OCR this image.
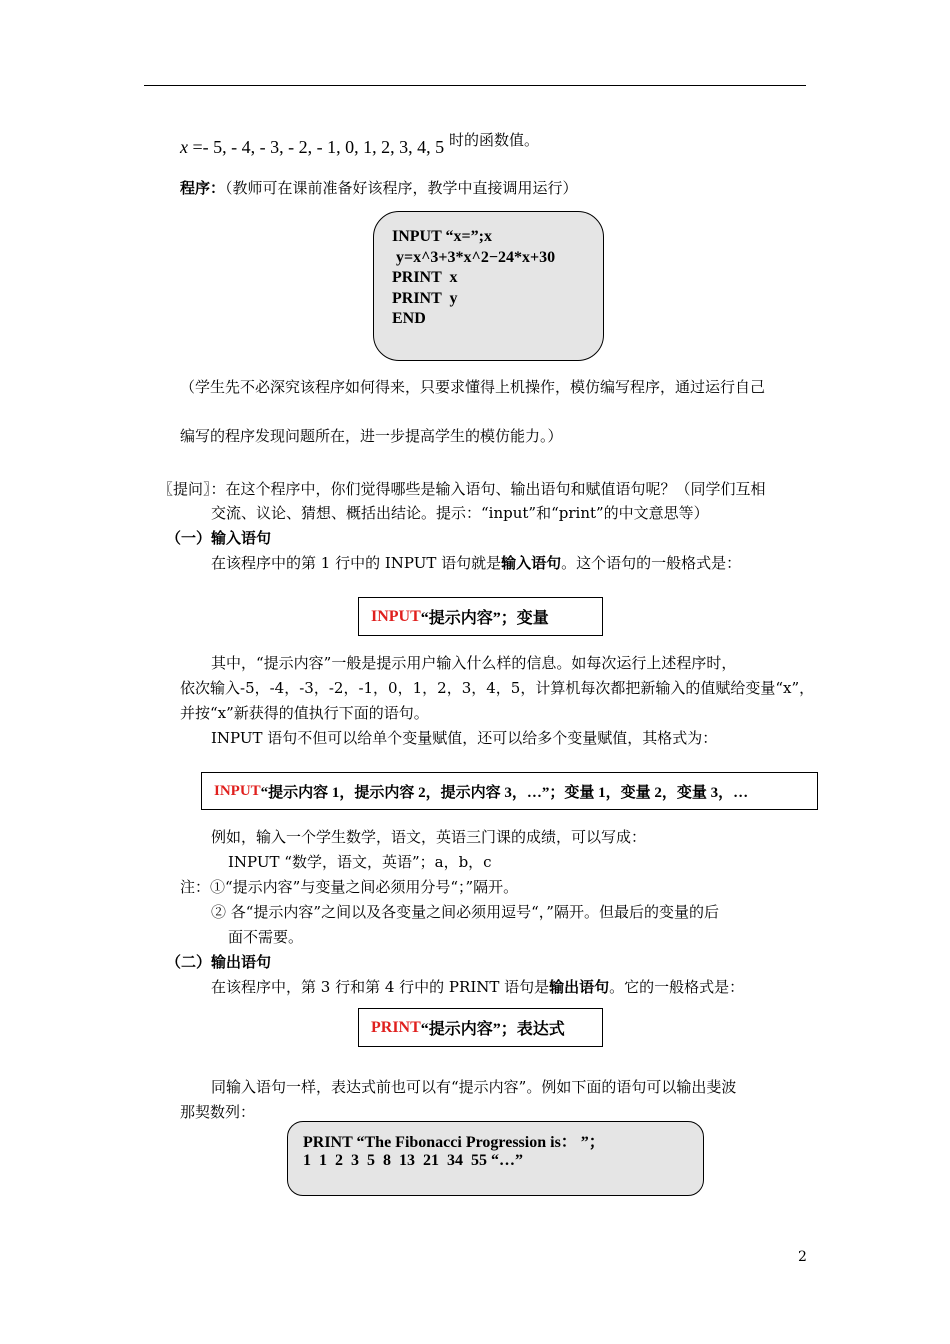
x =- 5, - 4, - 3, - 2, - 1, 0, 1, 2, 3, 4, 5 时的函数值。
程序：（教师可在课前准备好该程序，教学中直接调用运行）
INPUT “x=”;x
y=x^3+3*x^2−24*x+30
PRINT  x
PRINT  y
END
（学生先不必深究该程序如何得来，只要求懂得上机操作，模仿编写程序，通过运行自己
编写的程序发现问题所在，进一步提高学生的模仿能力。）
〖提问〗：在这个程序中，你们觉得哪些是输入语句、输出语句和赋值语句呢？（同学们互相
交流、议论、猜想、概括出结论。提示：“input”和“print”的中文意思等）
（一）输入语句
在该程序中的第 1 行中的 INPUT 语句就是输入语句。这个语句的一般格式是：
INPUT “提示内容”；变量
其中，“提示内容”一般是提示用户输入什么样的信息。如每次运行上述程序时，
依次输入-5，-4，-3，-2，-1，0，1，2，3，4，5，计算机每次都把新输入的值赋给变量“x”，
并按“x”新获得的值执行下面的语句。
INPUT 语句不但可以给单个变量赋值，还可以给多个变量赋值，其格式为：
INPUT “提示内容 1，提示内容 2，提示内容 3，…”；变量 1，变量 2，变量 3，…
例如，输入一个学生数学，语文，英语三门课的成绩，可以写成：
INPUT “数学，语文，英语”；a，b，c
注：①“提示内容”与变量之间必须用分号“；”隔开。
② 各“提示内容”之间以及各变量之间必须用逗号“，”隔开。但最后的变量的后
面不需要。
（二）输出语句
在该程序中，第 3 行和第 4 行中的 PRINT 语句是输出语句。它的一般格式是：
PRINT “提示内容”；表达式
同输入语句一样，表达式前也可以有“提示内容”。例如下面的语句可以输出斐波
那契数列：
PRINT “The Fibonacci Progression is： ”；
1  1  2  3  5  8  13  21  34  55 “…”
2
